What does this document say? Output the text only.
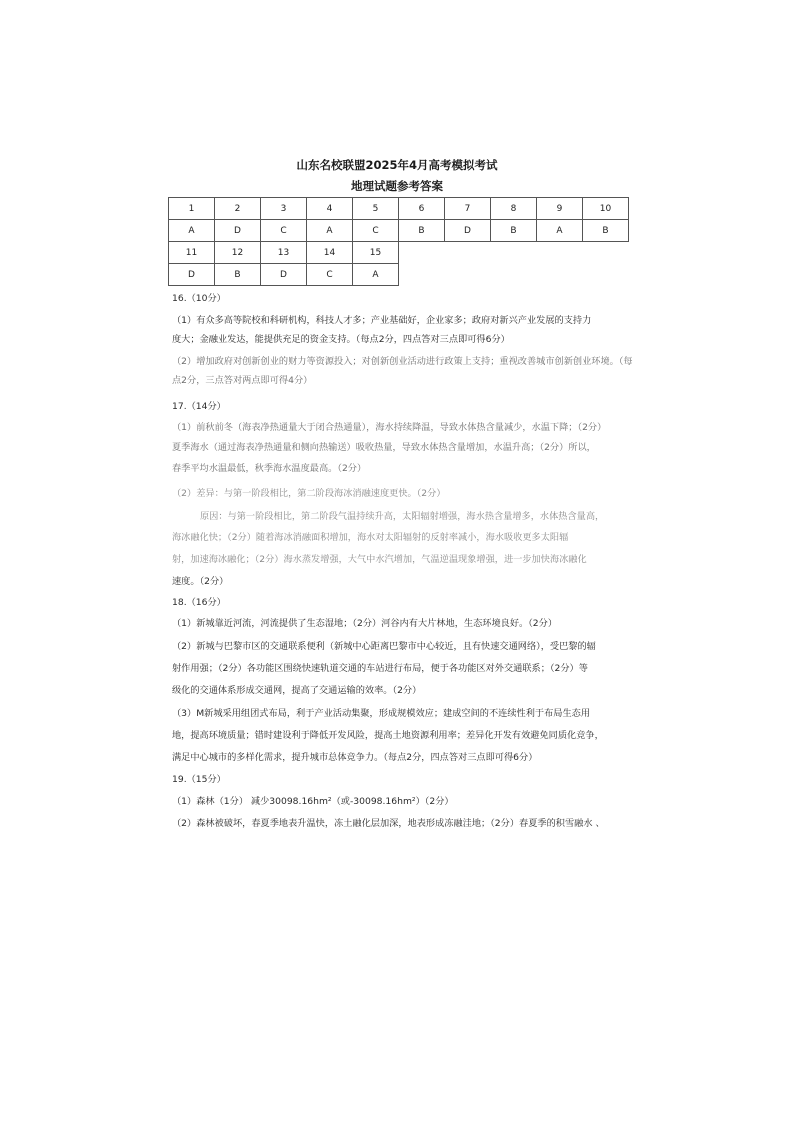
山东名校联盟2025年4月高考模拟考试
地理试题参考答案
1	2	3	4	5	6	7	8	9	10
A	D	C	A	C	B	D	B	A	B
11	12	13	14	15					
D	B	D	C	A					
16.（10分）
（1）有众多高等院校和科研机构，科技人才多；产业基础好，企业家多；政府对新兴产业发展的支持力
度大；金融业发达，能提供充足的资金支持。（每点2分，四点答对三点即可得6分）
（2）增加政府对创新创业的财力等资源投入；对创新创业活动进行政策上支持；重视改善城市创新创业环境。（每
点2分，三点答对两点即可得4分）
17.（14分）
（1）前秋前冬（海表净热通量大于闭合热通量），海水持续降温，导致水体热含量减少，水温下降；（2分）
夏季海水（通过海表净热通量和侧向热输送）吸收热量，导致水体热含量增加，水温升高；（2分）所以，
春季平均水温最低，秋季海水温度最高。（2分）
（2）差异：与第一阶段相比，第二阶段海冰消融速度更快。（2分）
原因：与第一阶段相比，第二阶段气温持续升高，太阳辐射增强，海水热含量增多，水体热含量高，
海冰融化快；（2分）随着海冰消融面积增加，海水对太阳辐射的反射率减小，海水吸收更多太阳辐
射，加速海冰融化；（2分）海水蒸发增强，大气中水汽增加，气温逆温现象增强，进一步加快海冰融化
速度。（2分）
18.（16分）
（1）新城靠近河流，河流提供了生态湿地；（2分）河谷内有大片林地，生态环境良好。（2分）
（2）新城与巴黎市区的交通联系便利（新城中心距离巴黎市中心较近，且有快速交通网络），受巴黎的辐
射作用强；（2分）各功能区围绕快速轨道交通的车站进行布局，便于各功能区对外交通联系；（2分）等
级化的交通体系形成交通网，提高了交通运输的效率。（2分）
（3）M新城采用组团式布局，利于产业活动集聚，形成规模效应；建成空间的不连续性利于布局生态用
地，提高环境质量；错时建设利于降低开发风险，提高土地资源利用率；差异化开发有效避免同质化竞争，
满足中心城市的多样化需求，提升城市总体竞争力。（每点2分，四点答对三点即可得6分）
19.（15分）
（1）森林（1分） 减少30098.16hm²（或-30098.16hm²）（2分）
（2）森林被破坏，春夏季地表升温快，冻土融化层加深，地表形成冻融洼地；（2分）春夏季的积雪融水 、
